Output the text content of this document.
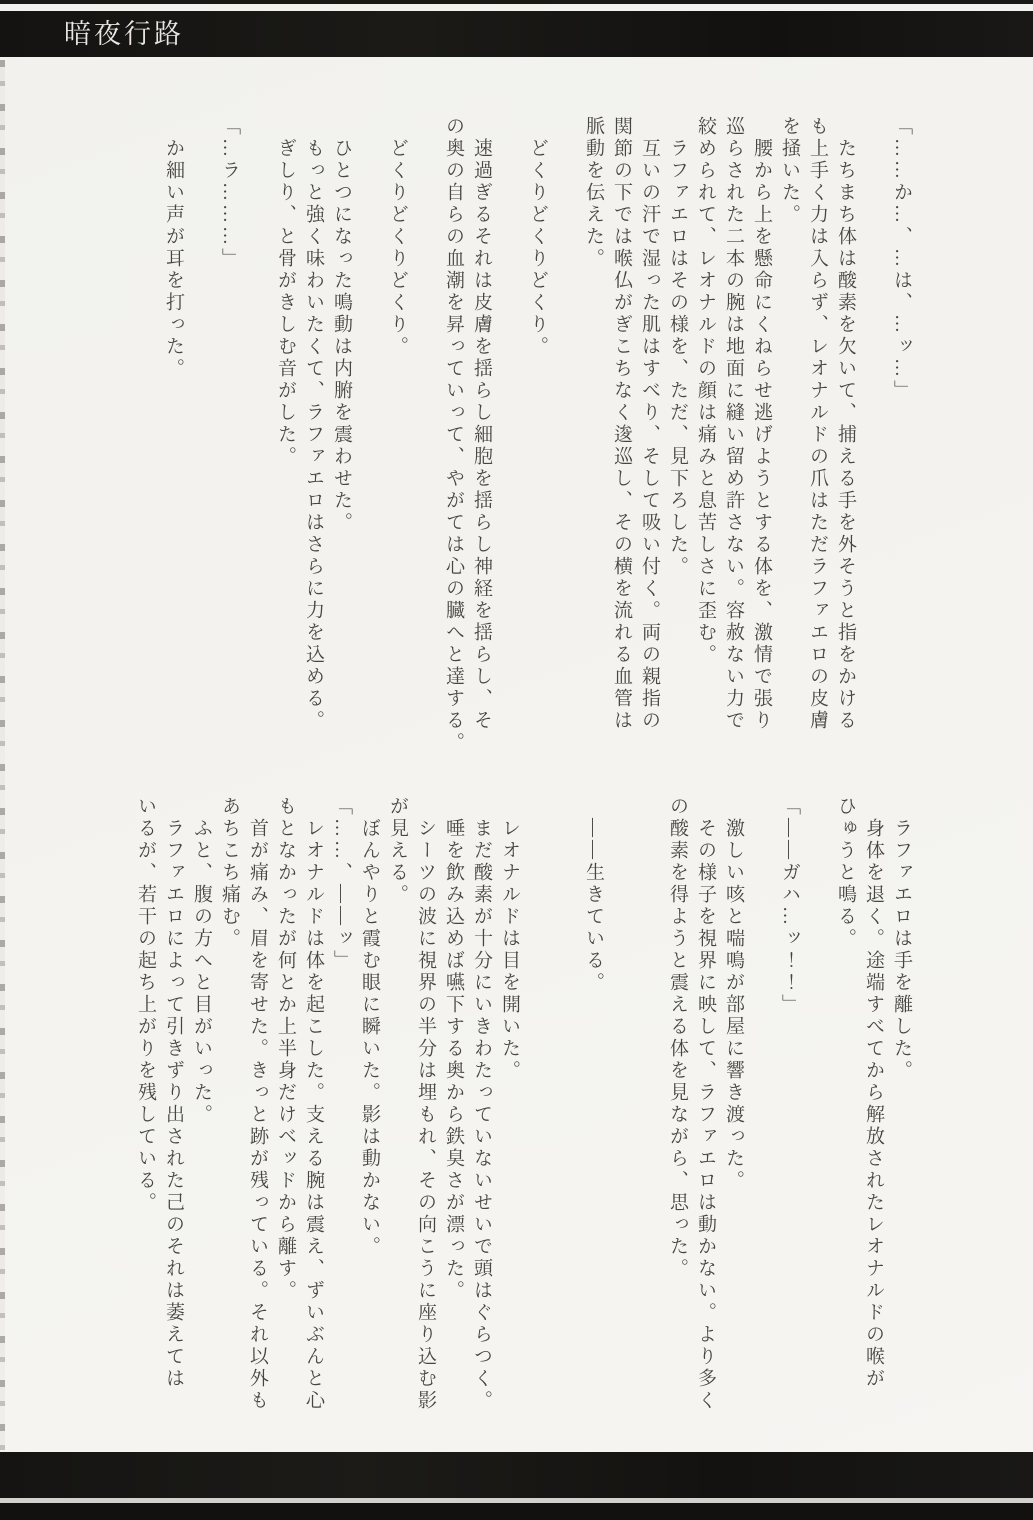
暗夜行路

「……か…、…は、…ッ…」

　たちまち体は酸素を欠いて、捕える手を外そうと指をかける

も上手く力は入らず、レオナルドの爪はただラファエロの皮膚

を掻いた。

　腰から上を懸命にくねらせ逃げようとする体を、激情で張り

巡らされた二本の腕は地面に縫い留め許さない。容赦ない力で

絞められて、レオナルドの顔は痛みと息苦しさに歪む。

　ラファエロはその様を、ただ、見下ろした。

　互いの汗で湿った肌はすべり、そして吸い付く。両の親指の

関節の下では喉仏がぎこちなく逡巡し、その横を流れる血管は

脈動を伝えた。

　どくりどくりどくり。

　速過ぎるそれは皮膚を揺らし細胞を揺らし神経を揺らし、そ

の奥の自らの血潮を昇っていって、やがては心の臓へと達する。

　どくりどくりどくり。

　ひとつになった鳴動は内腑を震わせた。

　もっと強く味わいたくて、ラファエロはさらに力を込める。

　ぎしり、と骨がきしむ音がした。

「…ラ………」

　か細い声が耳を打った。

　ラファエロは手を離した。

　身体を退く。途端すべてから解放されたレオナルドの喉が

ひゅうと鳴る。

「――ガハ…ッ！！」

　激しい咳と喘鳴が部屋に響き渡った。

　その様子を視界に映して、ラファエロは動かない。より多く

の酸素を得ようと震える体を見ながら、思った。

　――生きている。

　レオナルドは目を開いた。

　まだ酸素が十分にいきわたっていないせいで頭はぐらつく。

　唾を飲み込めば嚥下する奥から鉄臭さが漂った。

　シーツの波に視界の半分は埋もれ、その向こうに座り込む影

が見える。

　ぼんやりと霞む眼に瞬いた。影は動かない。

「……、――ッ」

　レオナルドは体を起こした。支える腕は震え、ずいぶんと心

もとなかったが何とか上半身だけベッドから離す。

　首が痛み、眉を寄せた。きっと跡が残っている。それ以外も

あちこち痛む。

　ふと、腹の方へと目がいった。

　ラファエロによって引きずり出された己のそれは萎えては

いるが、若干の起ち上がりを残している。
